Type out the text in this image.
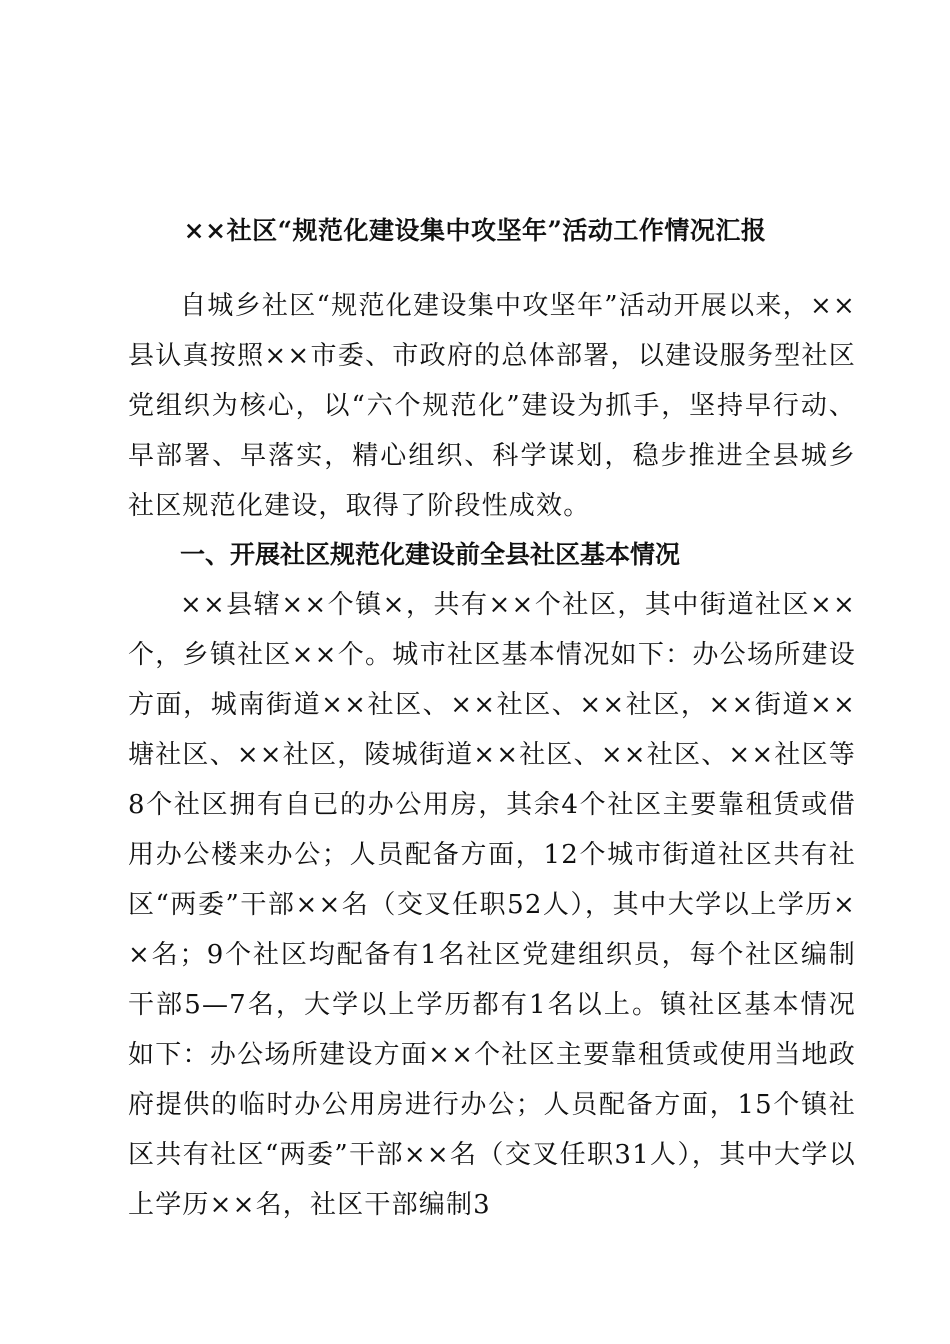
××社区“规范化建设集中攻坚年”活动工作情况汇报
自城乡社区“规范化建设集中攻坚年”活动开展以来，××县认真按照××市委、市政府的总体部署，以建设服务型社区党组织为核心，以“六个规范化”建设为抓手，坚持早行动、早部署、早落实，精心组织、科学谋划，稳步推进全县城乡社区规范化建设，取得了阶段性成效。
一、开展社区规范化建设前全县社区基本情况
××县辖××个镇×，共有××个社区，其中街道社区××个，乡镇社区××个。城市社区基本情况如下：办公场所建设方面，城南街道××社区、××社区、××社区，××街道××塘社区、××社区，陵城街道××社区、××社区、××社区等8个社区拥有自已的办公用房，其余4个社区主要靠租赁或借用办公楼来办公；人员配备方面，12个城市街道社区共有社区“两委”干部××名（交叉任职52人），其中大学以上学历××名；9个社区均配备有1名社区党建组织员，每个社区编制干部5—7名，大学以上学历都有1名以上。镇社区基本情况如下：办公场所建设方面××个社区主要靠租赁或使用当地政府提供的临时办公用房进行办公；人员配备方面，15个镇社区共有社区“两委”干部××名（交叉任职31人），其中大学以上学历××名，社区干部编制3
